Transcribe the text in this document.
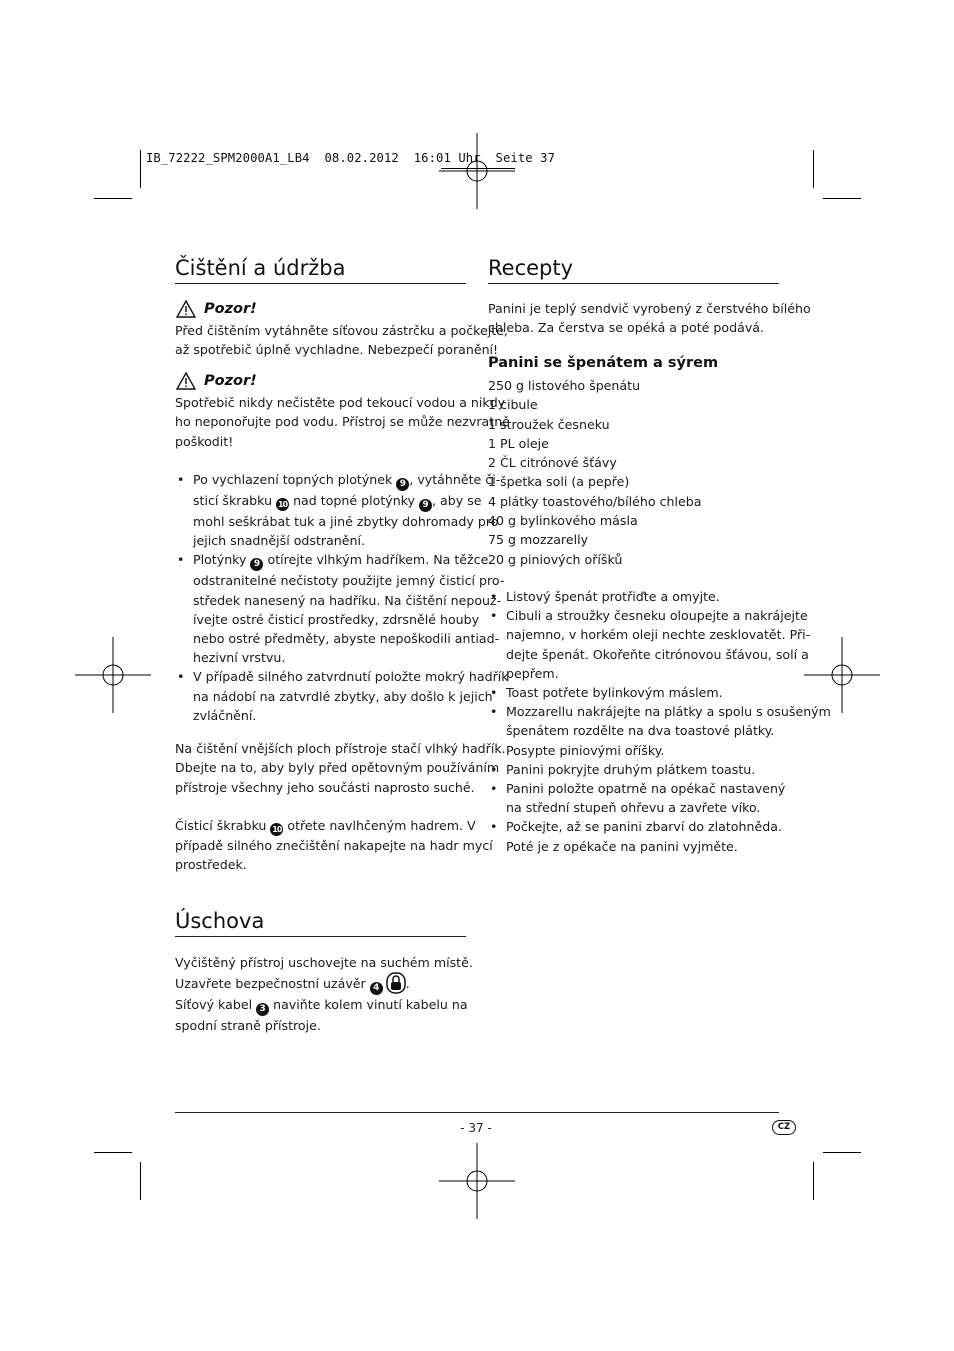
IB_72222_SPM2000A1_LB4  08.02.2012  16:01 Uhr  Seite 37
Čištění a údržba
Pozor!

Před čištěním vytáhněte síťovou zástrčku a počkejte,
až spotřebič úplně vychladne. Nebezpečí poranění!

Pozor!

Spotřebič nikdy nečistěte pod tekoucí vodou a nikdy
ho neponořujte pod vodu. Přístroj se může nezvratně
poškodit!

• Po vychlazení topných plotýnek 9 , vytáhněte či-
sticí škrabku 10 nad topné plotýnky 9 , aby se
mohl seškrábat tuk a jiné zbytky dohromady pro
jejich snadnější odstranění.
• Plotýnky 9 otírejte vlhkým hadříkem. Na těžce
odstranitelné nečistoty použijte jemný čisticí pro-
středek nanesený na hadříku. Na čištění nepouž-
ívejte ostré čisticí prostředky, zdrsnělé houby
nebo ostré předměty, abyste nepoškodili antiad-
hezivní vrstvu.
• V případě silného zatvrdnutí položte mokrý hadřík
na nádobí na zatvrdlé zbytky, aby došlo k jejich
zvláčnění.

Na čištění vnějších ploch přístroje stačí vlhký hadřík.
Dbejte na to, aby byly před opětovným používáním
přístroje všechny jeho součásti naprosto suché.

Čisticí škrabku 10 otřete navlhčeným hadrem. V
případě silného znečištění nakapejte na hadr mycí
prostředek.

Úschova

Vyčištěný přístroj uschovejte na suchém místě.
Uzavřete bezpečnostní uzávěr 4 .
Síťový kabel 3 naviňte kolem vinutí kabelu na
spodní straně přístroje.

Recepty

Panini je teplý sendvič vyrobený z čerstvého bílého
chleba. Za čerstva se opéká a poté podává.

Panini se špenátem a sýrem

250 g listového špenátu
1 cibule
1 stroužek česneku
1 PL oleje
2 ČL citrónové šťávy
1 špetka soli (a pepře)
4 plátky toastového/bílého chleba
40 g bylinkového másla
75 g mozzarelly
20 g piniových oříšků

• Listový špenát protřiďte a omyjte.
• Cibuli a stroužky česneku oloupejte a nakrájejte
najemno, v horkém oleji nechte zesklovatět. Při-
dejte špenát. Okořeňte citrónovou šťávou, solí a
pepřem.
• Toast potřete bylinkovým máslem.
• Mozzarellu nakrájejte na plátky a spolu s osušeným
špenátem rozdělte na dva toastové plátky.
Posypte piniovými oříšky.
• Panini pokryjte druhým plátkem toastu.
• Panini položte opatrně na opékač nastavený
na střední stupeň ohřevu a zavřete víko.
• Počkejte, až se panini zbarví do zlatohněda.
Poté je z opékače na panini vyjměte.
- 37 -	CZ
